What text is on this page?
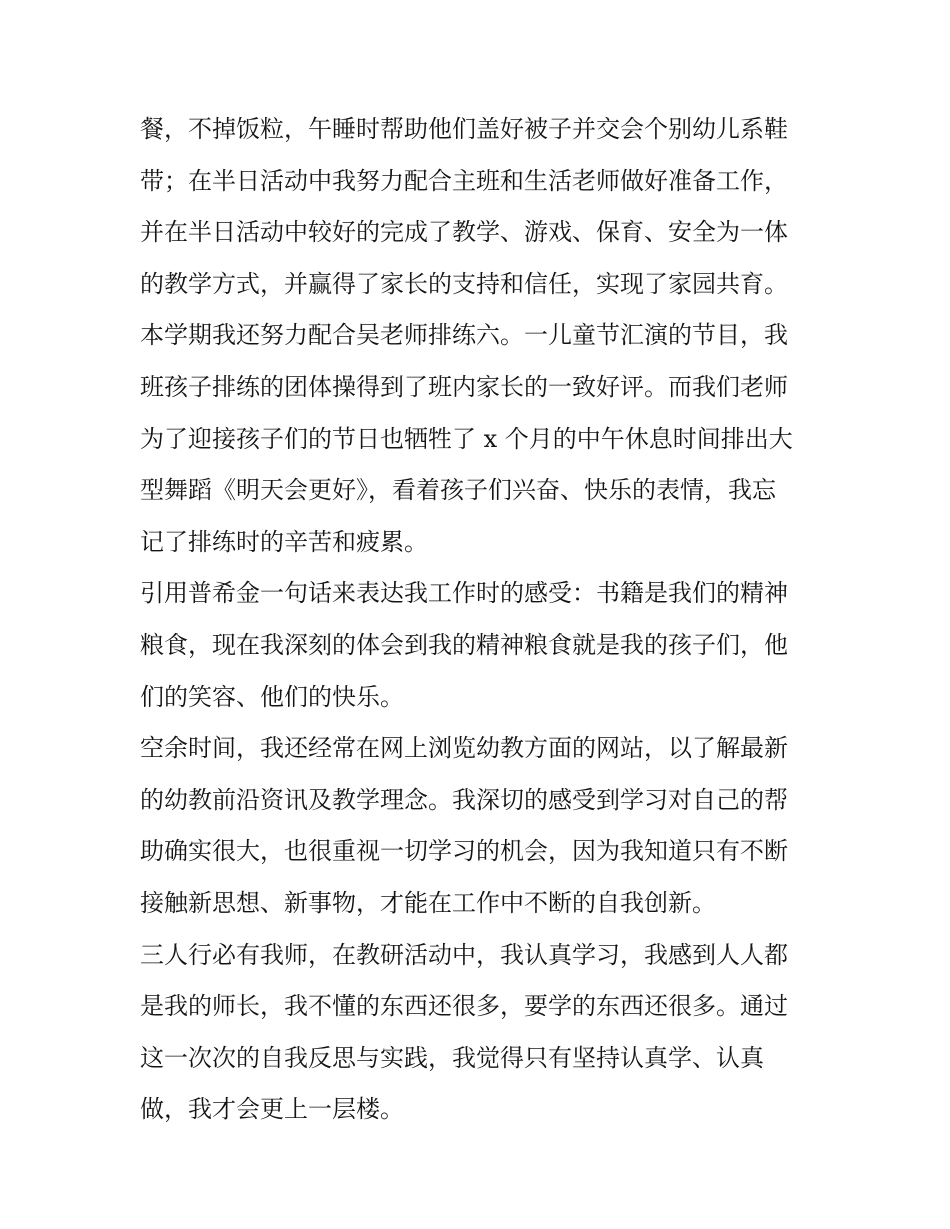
餐，不掉饭粒，午睡时帮助他们盖好被子并交会个别幼儿系鞋
带；在半日活动中我努力配合主班和生活老师做好准备工作，
并在半日活动中较好的完成了教学、游戏、保育、安全为一体
的教学方式，并赢得了家长的支持和信任，实现了家园共育。
本学期我还努力配合吴老师排练六。一儿童节汇演的节目，我
班孩子排练的团体操得到了班内家长的一致好评。而我们老师
为了迎接孩子们的节日也牺牲了 x 个月的中午休息时间排出大
型舞蹈《明天会更好》，看着孩子们兴奋、快乐的表情，我忘
记了排练时的辛苦和疲累。
引用普希金一句话来表达我工作时的感受：书籍是我们的精神
粮食，现在我深刻的体会到我的精神粮食就是我的孩子们，他
们的笑容、他们的快乐。
空余时间，我还经常在网上浏览幼教方面的网站，以了解最新
的幼教前沿资讯及教学理念。我深切的感受到学习对自己的帮
助确实很大，也很重视一切学习的机会，因为我知道只有不断
接触新思想、新事物，才能在工作中不断的自我创新。
三人行必有我师，在教研活动中，我认真学习，我感到人人都
是我的师长，我不懂的东西还很多，要学的东西还很多。通过
这一次次的自我反思与实践，我觉得只有坚持认真学、认真
做，我才会更上一层楼。
